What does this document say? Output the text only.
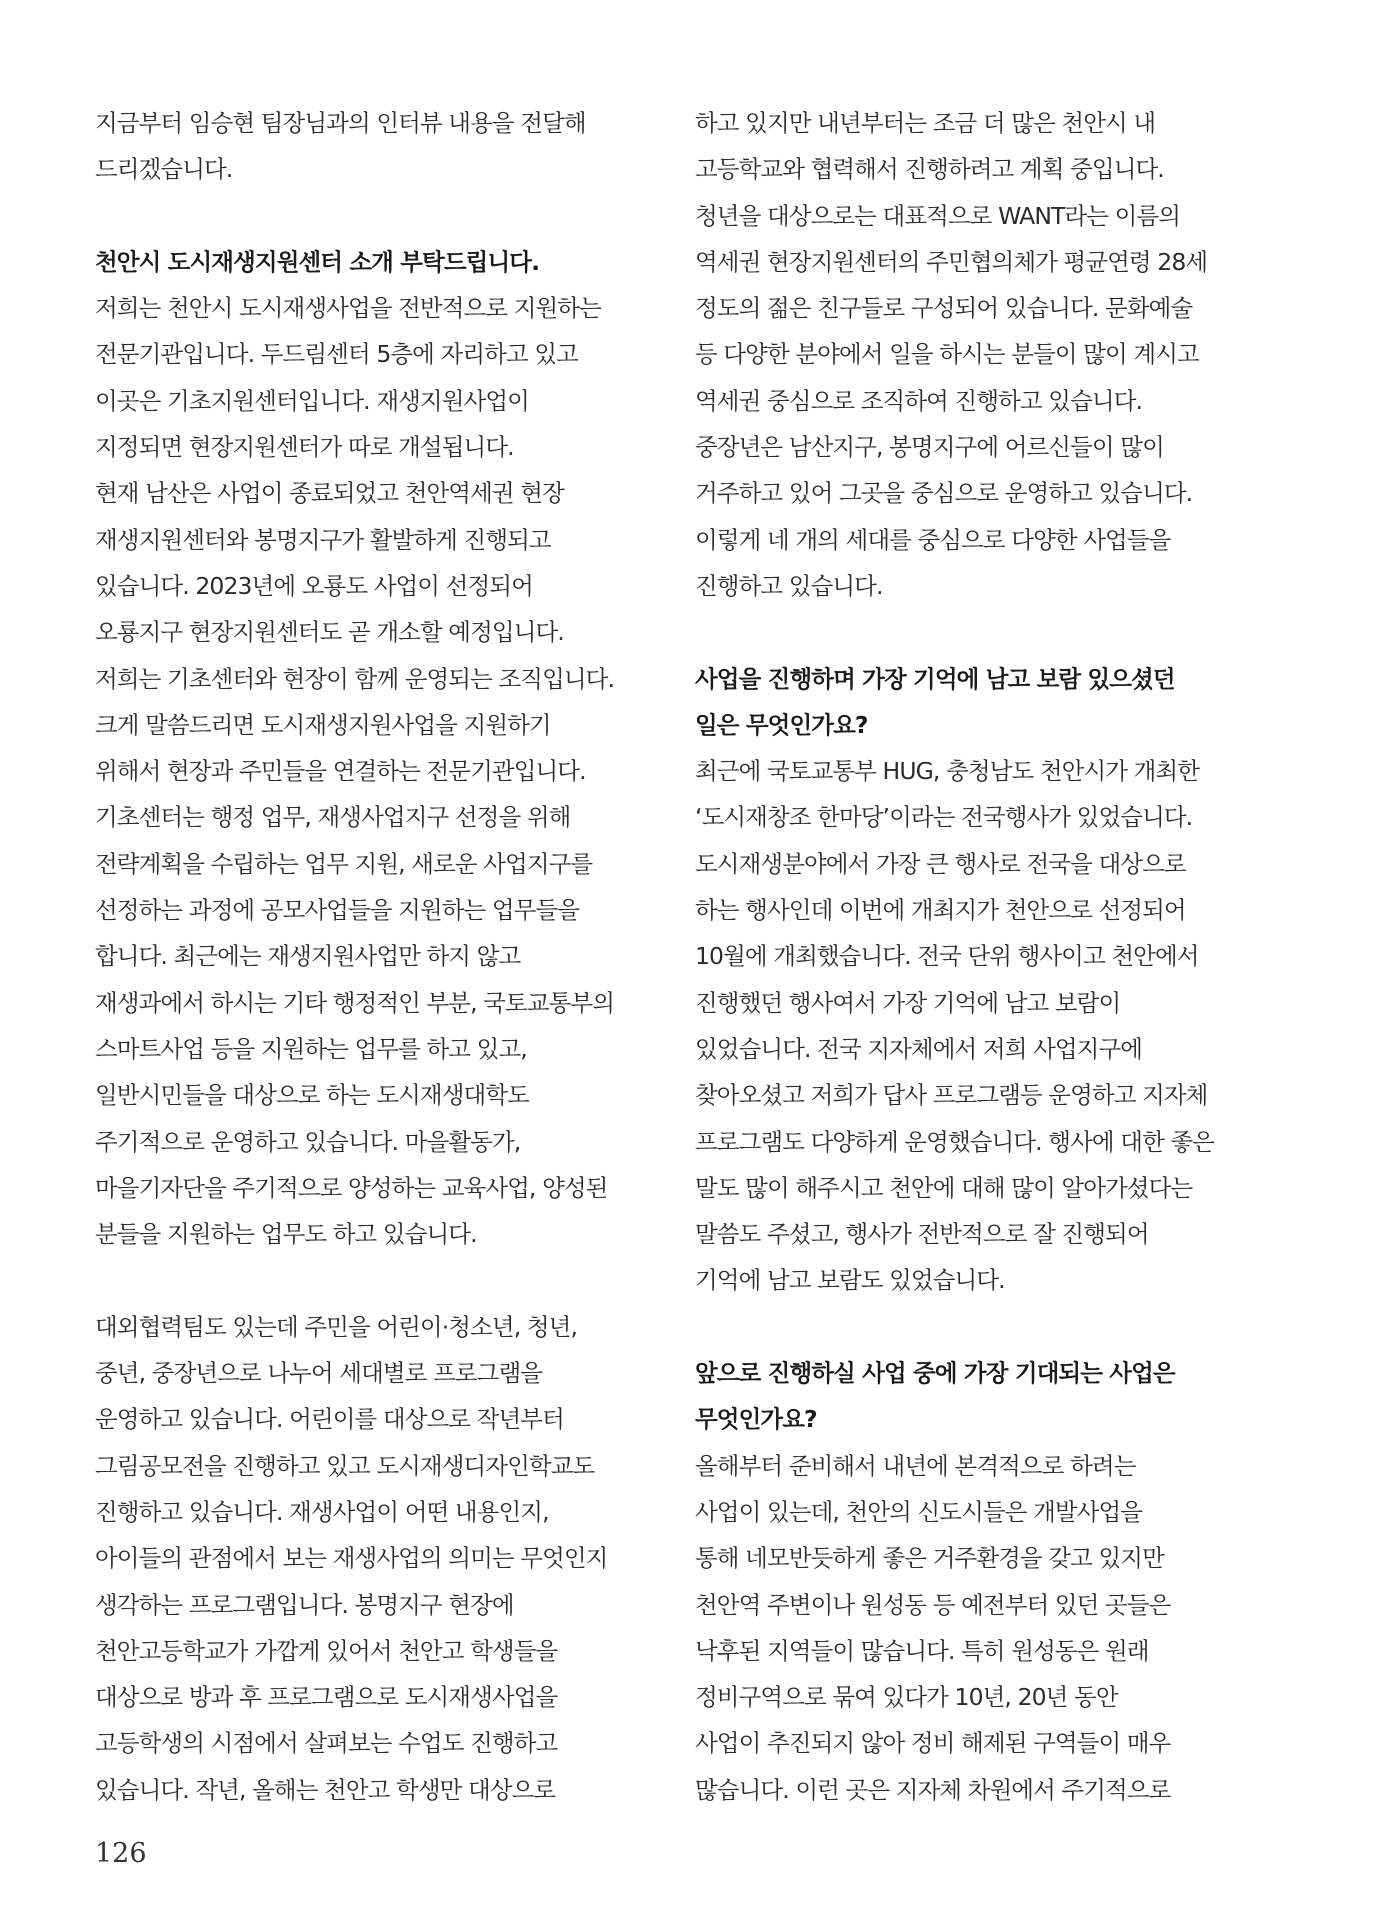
지금부터 임승현 팀장님과의 인터뷰 내용을 전달해
드리겠습니다.
천안시 도시재생지원센터 소개 부탁드립니다.
저희는 천안시 도시재생사업을 전반적으로 지원하는
전문기관입니다. 두드림센터 5층에 자리하고 있고
이곳은 기초지원센터입니다. 재생지원사업이
지정되면 현장지원센터가 따로 개설됩니다.
현재 남산은 사업이 종료되었고 천안역세권 현장
재생지원센터와 봉명지구가 활발하게 진행되고
있습니다. 2023년에 오룡도 사업이 선정되어
오룡지구 현장지원센터도 곧 개소할 예정입니다.
저희는 기초센터와 현장이 함께 운영되는 조직입니다.
크게 말씀드리면 도시재생지원사업을 지원하기
위해서 현장과 주민들을 연결하는 전문기관입니다.
기초센터는 행정 업무, 재생사업지구 선정을 위해
전략계획을 수립하는 업무 지원, 새로운 사업지구를
선정하는 과정에 공모사업들을 지원하는 업무들을
합니다. 최근에는 재생지원사업만 하지 않고
재생과에서 하시는 기타 행정적인 부분, 국토교통부의
스마트사업 등을 지원하는 업무를 하고 있고,
일반시민들을 대상으로 하는 도시재생대학도
주기적으로 운영하고 있습니다. 마을활동가,
마을기자단을 주기적으로 양성하는 교육사업, 양성된
분들을 지원하는 업무도 하고 있습니다.
대외협력팀도 있는데 주민을 어린이·청소년, 청년,
중년, 중장년으로 나누어 세대별로 프로그램을
운영하고 있습니다. 어린이를 대상으로 작년부터
그림공모전을 진행하고 있고 도시재생디자인학교도
진행하고 있습니다. 재생사업이 어떤 내용인지,
아이들의 관점에서 보는 재생사업의 의미는 무엇인지
생각하는 프로그램입니다. 봉명지구 현장에
천안고등학교가 가깝게 있어서 천안고 학생들을
대상으로 방과 후 프로그램으로 도시재생사업을
고등학생의 시점에서 살펴보는 수업도 진행하고
있습니다. 작년, 올해는 천안고 학생만 대상으로
하고 있지만 내년부터는 조금 더 많은 천안시 내
고등학교와 협력해서 진행하려고 계획 중입니다.
청년을 대상으로는 대표적으로 WANT라는 이름의
역세권 현장지원센터의 주민협의체가 평균연령 28세
정도의 젊은 친구들로 구성되어 있습니다. 문화예술
등 다양한 분야에서 일을 하시는 분들이 많이 계시고
역세권 중심으로 조직하여 진행하고 있습니다.
중장년은 남산지구, 봉명지구에 어르신들이 많이
거주하고 있어 그곳을 중심으로 운영하고 있습니다.
이렇게 네 개의 세대를 중심으로 다양한 사업들을
진행하고 있습니다.
사업을 진행하며 가장 기억에 남고 보람 있으셨던
일은 무엇인가요?
최근에 국토교통부 HUG, 충청남도 천안시가 개최한
‘도시재창조 한마당’이라는 전국행사가 있었습니다.
도시재생분야에서 가장 큰 행사로 전국을 대상으로
하는 행사인데 이번에 개최지가 천안으로 선정되어
10월에 개최했습니다. 전국 단위 행사이고 천안에서
진행했던 행사여서 가장 기억에 남고 보람이
있었습니다. 전국 지자체에서 저희 사업지구에
찾아오셨고 저희가 답사 프로그램등 운영하고 지자체
프로그램도 다양하게 운영했습니다. 행사에 대한 좋은
말도 많이 해주시고 천안에 대해 많이 알아가셨다는
말씀도 주셨고, 행사가 전반적으로 잘 진행되어
기억에 남고 보람도 있었습니다.
앞으로 진행하실 사업 중에 가장 기대되는 사업은
무엇인가요?
올해부터 준비해서 내년에 본격적으로 하려는
사업이 있는데, 천안의 신도시들은 개발사업을
통해 네모반듯하게 좋은 거주환경을 갖고 있지만
천안역 주변이나 원성동 등 예전부터 있던 곳들은
낙후된 지역들이 많습니다. 특히 원성동은 원래
정비구역으로 묶여 있다가 10년, 20년 동안
사업이 추진되지 않아 정비 해제된 구역들이 매우
많습니다. 이런 곳은 지자체 차원에서 주기적으로
126
